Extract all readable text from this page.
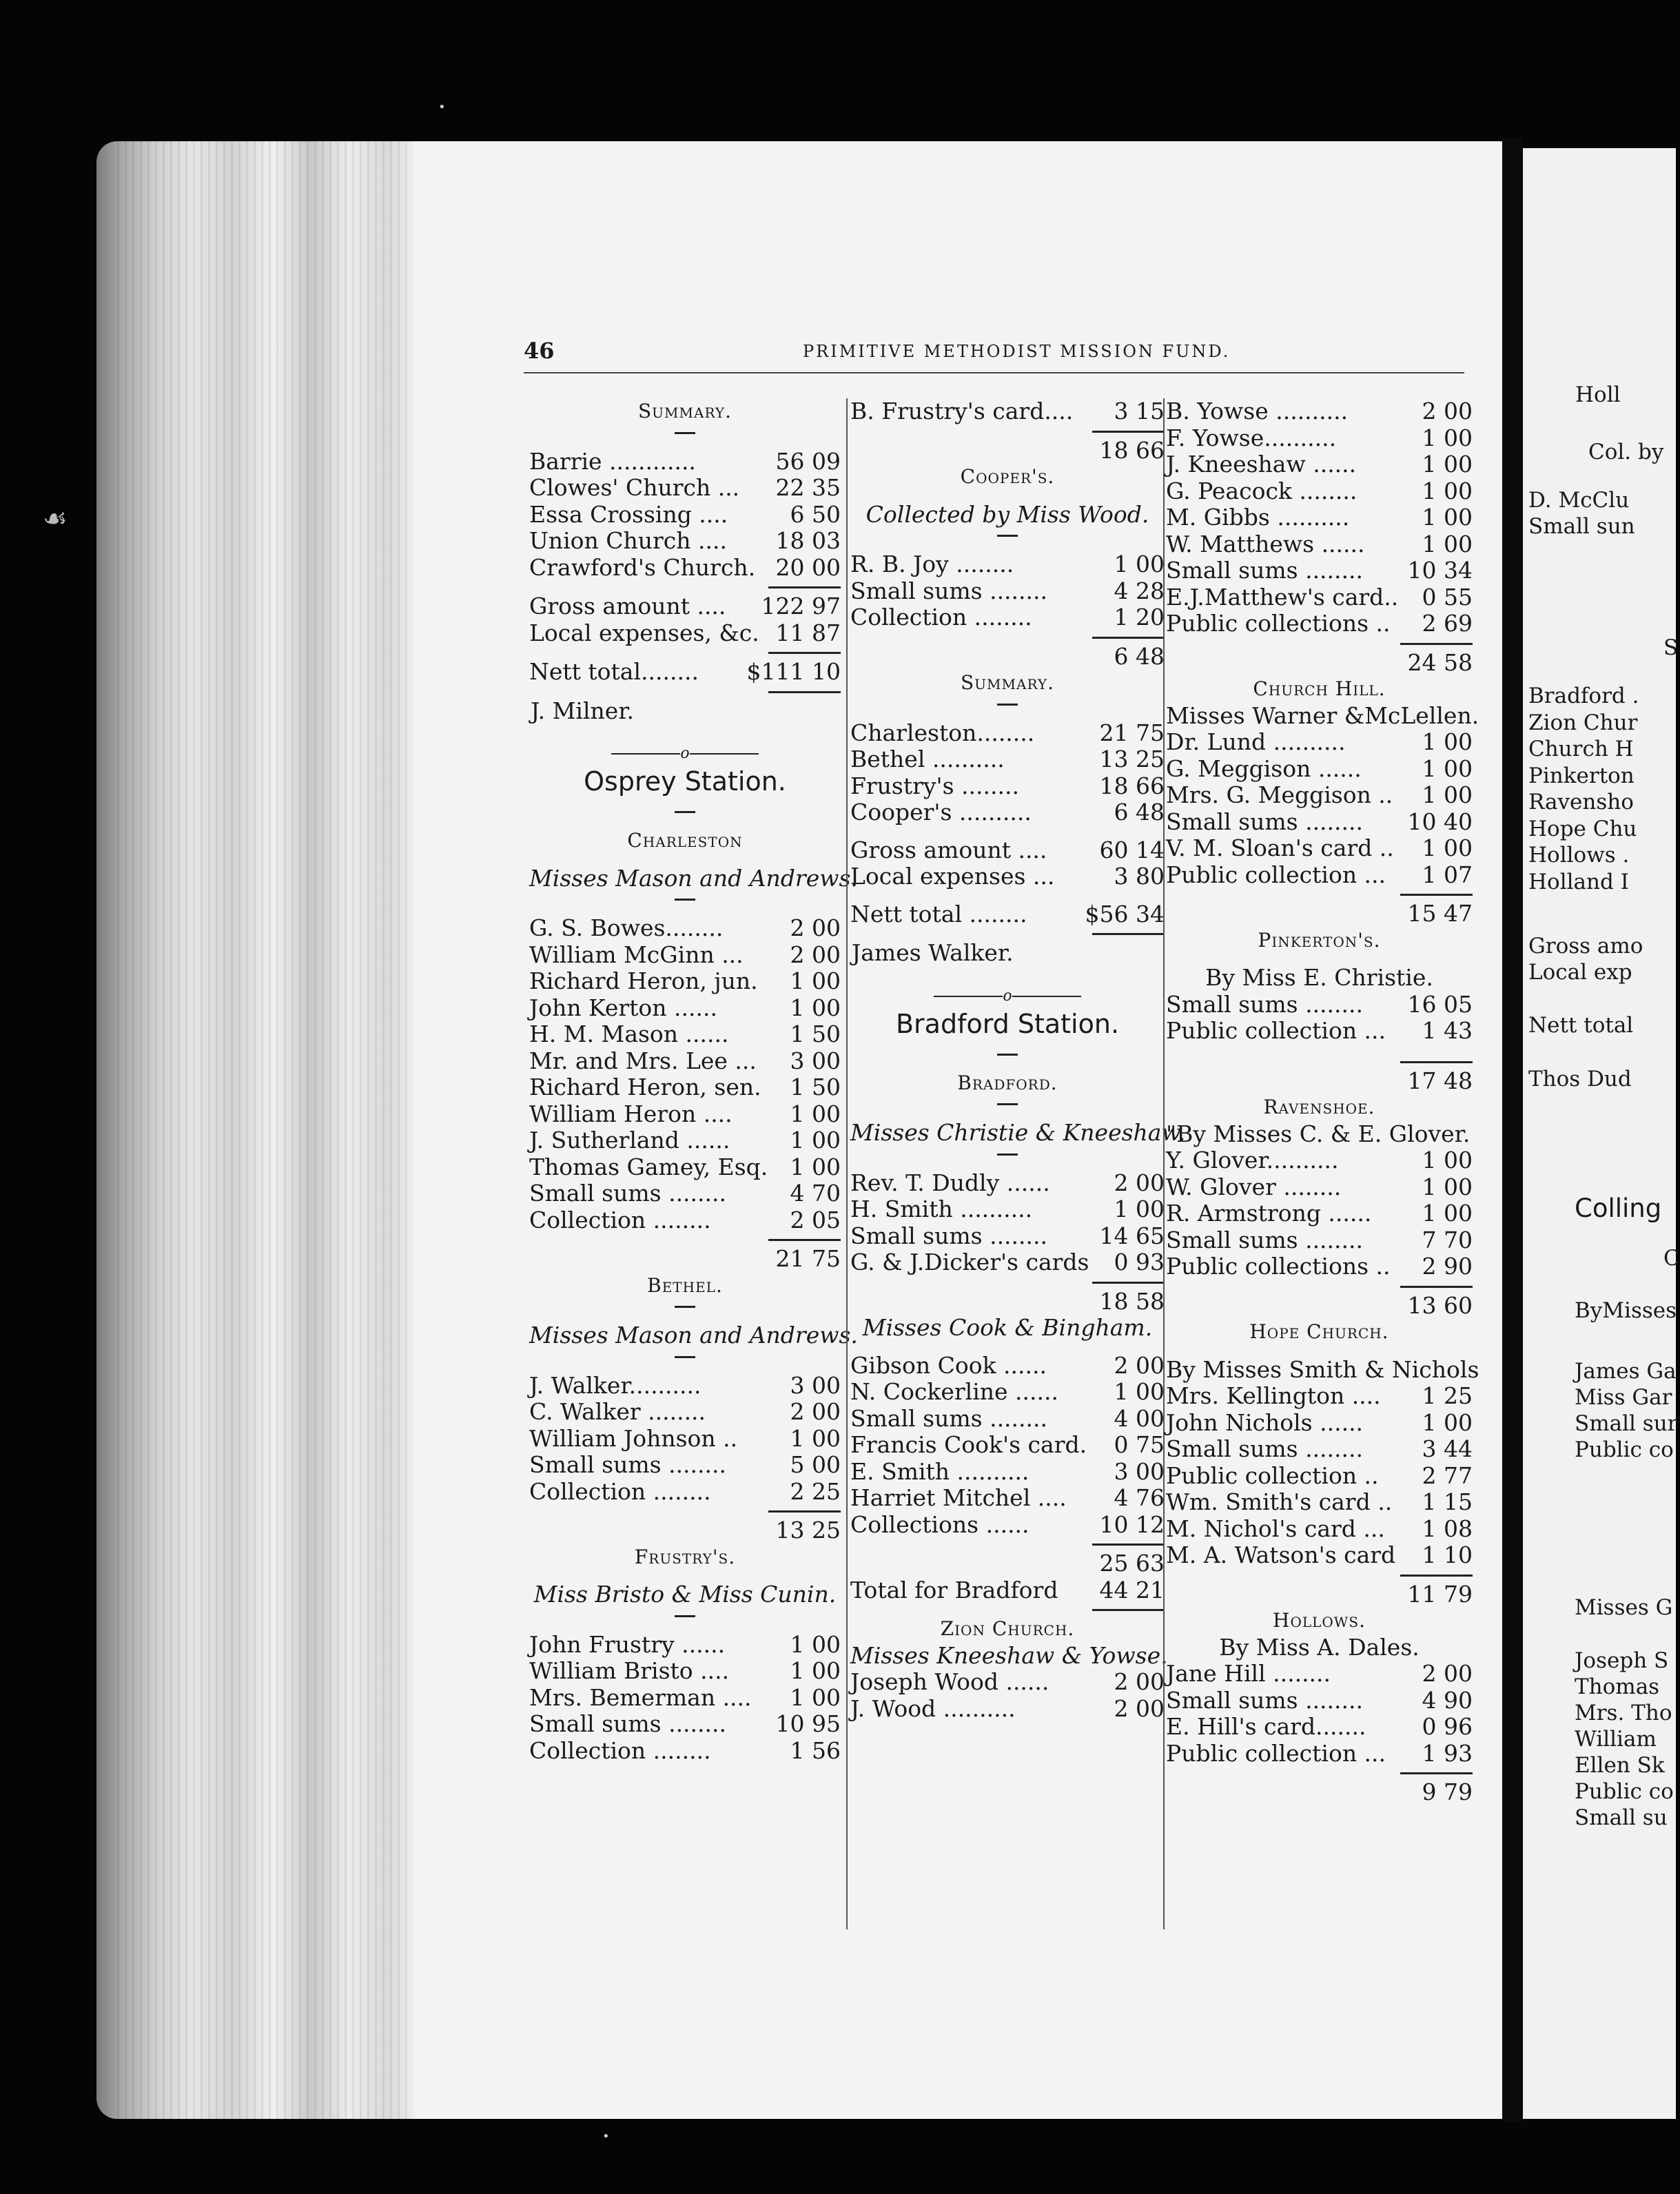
Holl
Col. by
D. McClu
Small sun
S
Bradford .
Zion Chur
Church H
Pinkerton
Ravensho
Hope Chu
Hollows .
Holland I
Gross amo
Local exp
Nett total
Thos Dud
Colling
C
ByMisses
James Ga
Miss Gar
Small sur
Public co
Misses G
Joseph S
Thomas
Mrs. Tho
William
Ellen Sk
Public co
Small su
☙
•
•
46	PRIMITIVE METHODIST MISSION FUND.
Summary.
Barrie ............	56 09
Clowes' Church ... 22 35
Essa Crossing ....	6 50
Union Church .... 18 03
Crawford's Church. 20 00
Gross amount .... 122 97
Local expenses, &c. 11 87
Nett total........ $111 10
J. Milner.
o
Osprey Station.
Charleston
Misses Mason and Andrews.
G. S. Bowes........	2 00
William McGinn ... 2 00
Richard Heron, jun. 1 00
John Kerton ......	1 00
H. M. Mason ......	1 50
Mr. and Mrs. Lee ... 3 00
Richard Heron, sen. 1 50
William Heron ....	1 00
J. Sutherland ......	1 00
Thomas Gamey, Esq. 1 00
Small sums ........	4 70
Collection ........	2 05
21 75
Bethel.
Misses Mason and Andrews.
J. Walker..........	3 00
C. Walker ........	2 00
William Johnson .. 1 00
Small sums ........	5 00
Collection ........	2 25
13 25
Frustry's.
Miss Bristo & Miss Cunin.
John Frustry ......	1 00
William Bristo ....	1 00
Mrs. Bemerman .... 1 00
Small sums ........ 10 95
Collection ........	1 56
B. Frustry's card.... 3 15
18 66
Cooper's.
Collected by Miss Wood.
R. B. Joy ........	1 00
Small sums ........	4 28
Collection ........	1 20
6 48
Summary.
Charleston........	21 75
Bethel ..........	13 25
Frustry's ........	18 66
Cooper's ..........	6 48
Gross amount .... 60 14
Local expenses ...	3 80
Nett total ........	$56 34
James Walker.
o
Bradford Station.
Bradford.
Misses Christie & Kneeshaw.
Rev. T. Dudly ......	2 00
H. Smith ..........	1 00
Small sums ........ 14 65
G. & J.Dicker's cards 0 93
18 58
Misses Cook & Bingham.
Gibson Cook ......	2 00
N. Cockerline ...... 1 00
Small sums ........	4 00
Francis Cook's card. 0 75
E. Smith ..........	3 00
Harriet Mitchel .... 4 76
Collections ......	10 12
25 63
Total for Bradford 44 21
Zion Church.
Misses Kneeshaw & Yowse.
Joseph Wood ......	2 00
J. Wood ..........	2 00
B. Yowse ..........	2 00
F. Yowse..........	1 00
J. Kneeshaw ......	1 00
G. Peacock ........	1 00
M. Gibbs ..........	1 00
W. Matthews ......	1 00
Small sums ........ 10 34
E.J.Matthew's card.. 0 55
Public collections .. 2 69
24 58
Church Hill.
Misses Warner &McLellen.
Dr. Lund ..........	1 00
G. Meggison ......	1 00
Mrs. G. Meggison .. 1 00
Small sums ........ 10 40
V. M. Sloan's card .. 1 00
Public collection ... 1 07
15 47
Pinkerton's.
By Miss E. Christie.
Small sums ........ 16 05
Public collection ... 1 43
17 48
Ravenshoe.
"By Misses C. & E. Glover.
Y. Glover..........	1 00
W. Glover ........	1 00
R. Armstrong ...... 1 00
Small sums ........	7 70
Public collections .. 2 90
13 60
Hope Church.
By Misses Smith & Nichols
Mrs. Kellington .... 1 25
John Nichols ......	1 00
Small sums ........	3 44
Public collection .. 2 77
Wm. Smith's card .. 1 15
M. Nichol's card ... 1 08
M. A. Watson's card 1 10
11 79
Hollows.
By Miss A. Dales.
Jane Hill ........	2 00
Small sums ........	4 90
E. Hill's card....... 0 96
Public collection ... 1 93
9 79
